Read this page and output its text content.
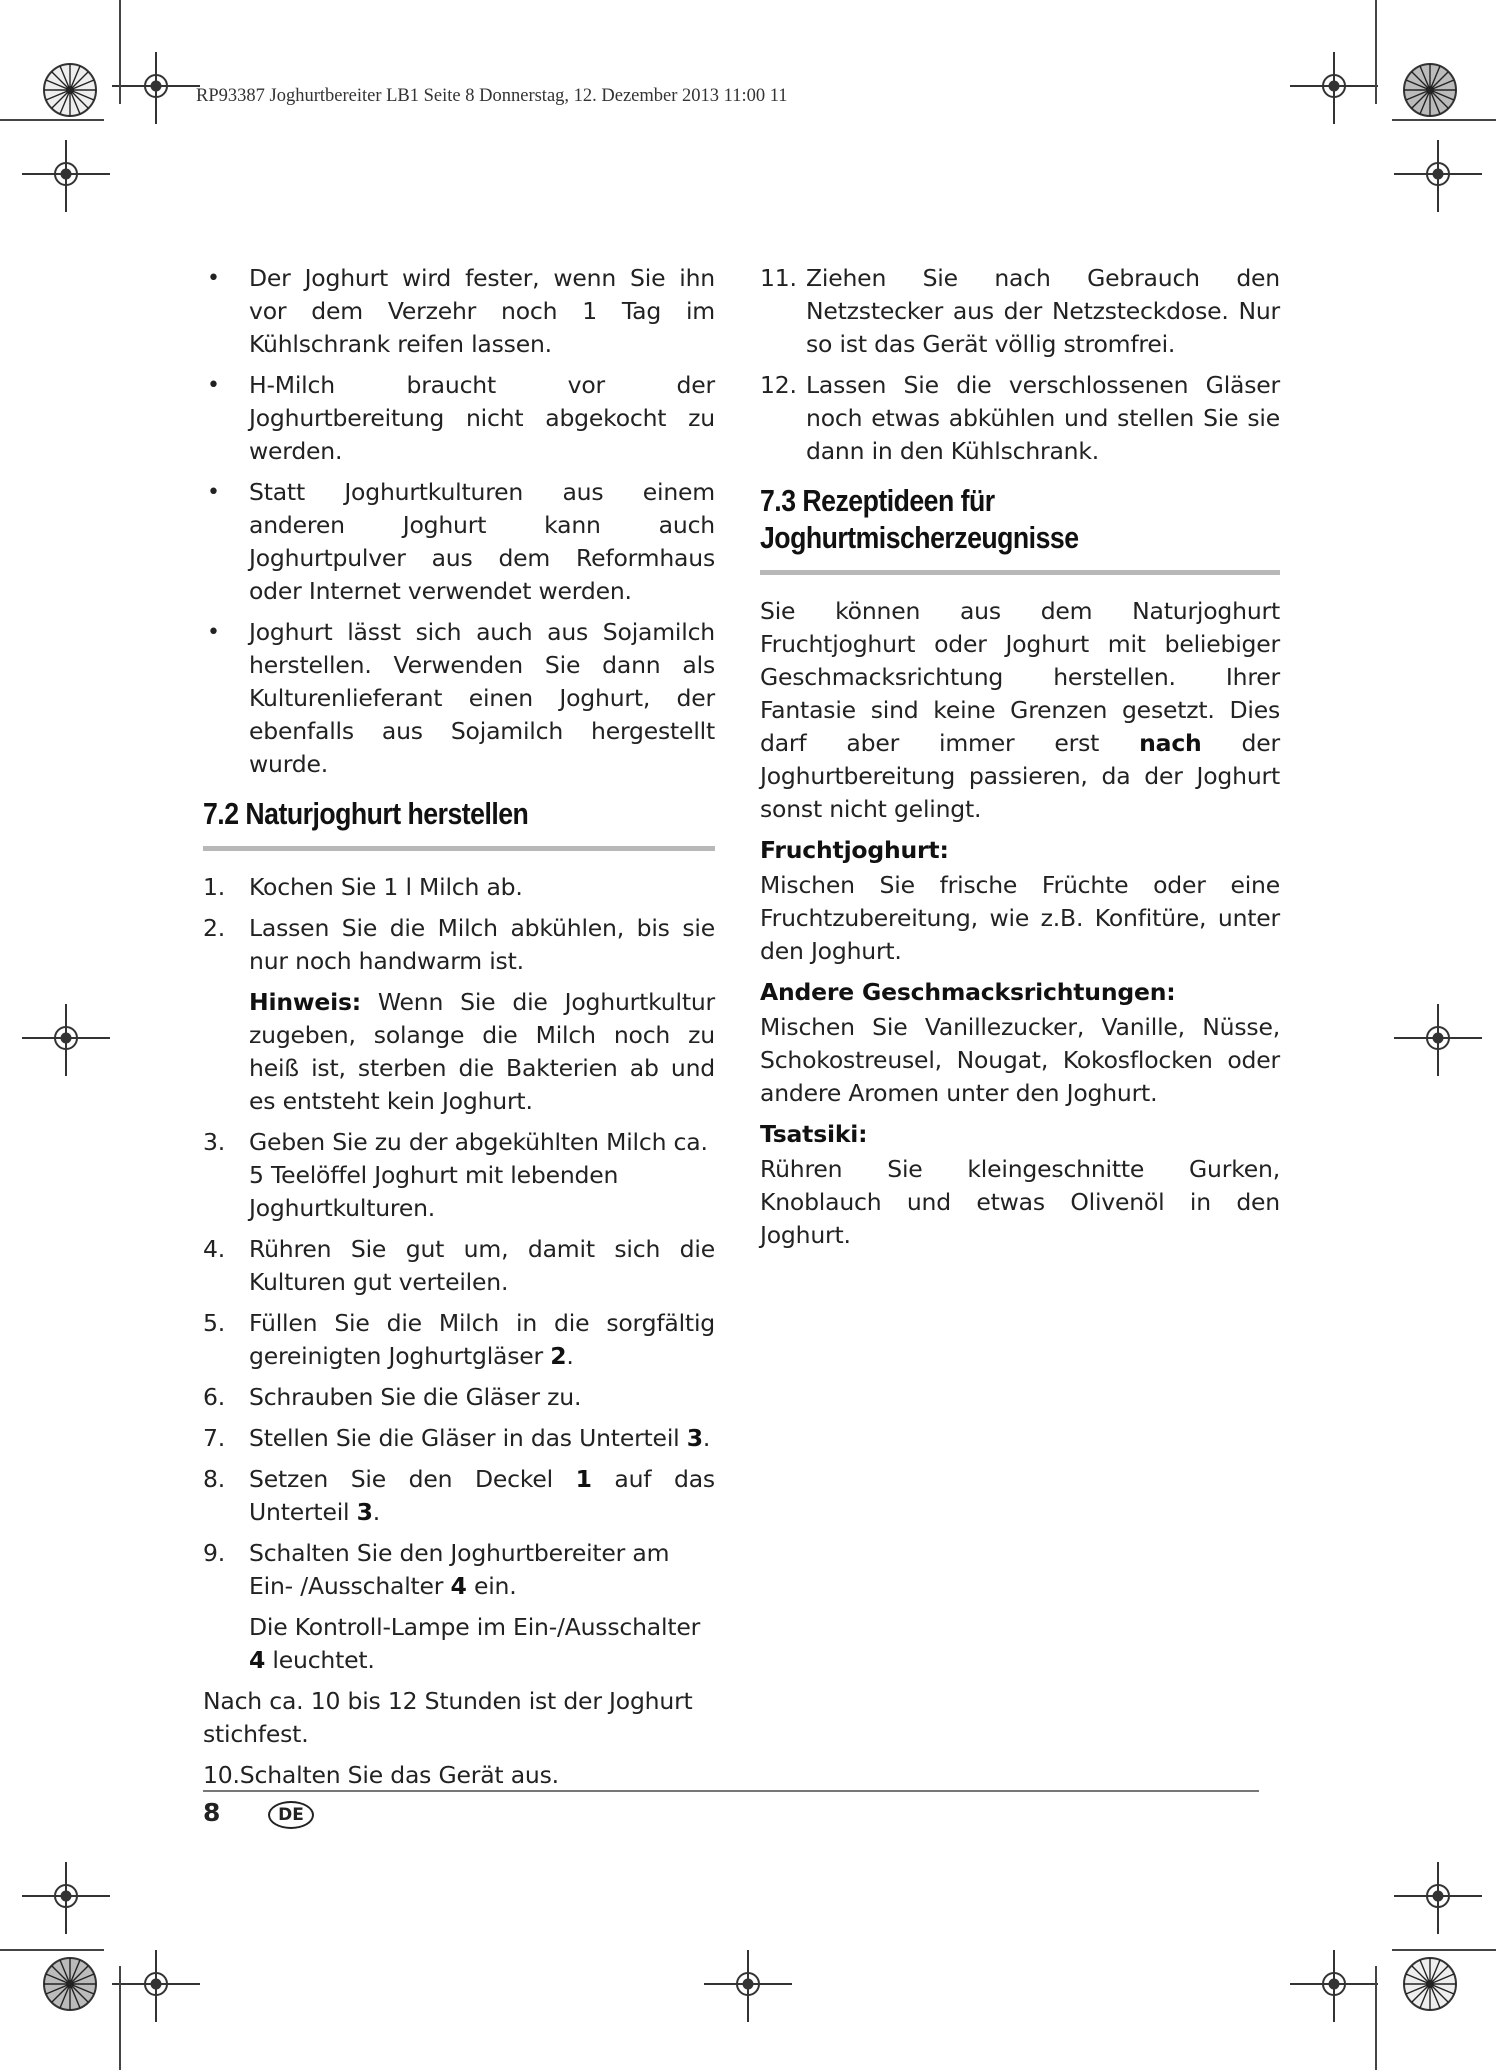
RP93387 Joghurtbereiter LB1 Seite 8 Donnerstag, 12. Dezember 2013 11:00 11
• Der Joghurt wird fester, wenn Sie ihn vor dem Verzehr noch 1 Tag im Kühlschrank reifen lassen.
• H-Milch braucht vor der Joghurtbereitung nicht abgekocht zu werden.
• Statt Joghurtkulturen aus einem anderen Joghurt kann auch Joghurtpulver aus dem Reformhaus oder Internet verwendet werden.
• Joghurt lässt sich auch aus Sojamilch herstellen. Verwenden Sie dann als Kulturenlieferant einen Joghurt, der ebenfalls aus Sojamilch hergestellt wurde.
7.2 Naturjoghurt herstellen
1. Kochen Sie 1 l Milch ab.
2. Lassen Sie die Milch abkühlen, bis sie nur noch handwarm ist.
Hinweis: Wenn Sie die Joghurtkultur zugeben, solange die Milch noch zu heiß ist, sterben die Bakterien ab und es entsteht kein Joghurt.
3. Geben Sie zu der abgekühlten Milch ca. 5 Teelöffel Joghurt mit lebenden Joghurtkulturen.
4. Rühren Sie gut um, damit sich die Kulturen gut verteilen.
5. Füllen Sie die Milch in die sorgfältig gereinigten Joghurtgläser 2.
6. Schrauben Sie die Gläser zu.
7. Stellen Sie die Gläser in das Unterteil 3.
8. Setzen Sie den Deckel 1 auf das Unterteil 3.
9. Schalten Sie den Joghurtbereiter am Ein- /Ausschalter 4 ein.
Die Kontroll-Lampe im Ein-/Ausschalter 4 leuchtet.

Nach ca. 10 bis 12 Stunden ist der Joghurt stichfest.

10.Schalten Sie das Gerät aus.
11. Ziehen Sie nach Gebrauch den Netzstecker aus der Netzsteckdose. Nur so ist das Gerät völlig stromfrei.
12. Lassen Sie die verschlossenen Gläser noch etwas abkühlen und stellen Sie sie dann in den Kühlschrank.
7.3 Rezeptideen für
Joghurtmischerzeugnisse

Sie können aus dem Naturjoghurt Fruchtjoghurt oder Joghurt mit beliebiger Geschmacksrichtung herstellen. Ihrer Fantasie sind keine Grenzen gesetzt. Dies darf aber immer erst nach der Joghurtbereitung passieren, da der Joghurt sonst nicht gelingt.

Fruchtjoghurt:

Mischen Sie frische Früchte oder eine Fruchtzubereitung, wie z.B. Konfitüre, unter den Joghurt.

Andere Geschmacksrichtungen:

Mischen Sie Vanillezucker, Vanille, Nüsse, Schokostreusel, Nougat, Kokosflocken oder andere Aromen unter den Joghurt.

Tsatsiki:

Rühren Sie kleingeschnitte Gurken, Knoblauch und etwas Olivenöl in den Joghurt.

8	DE
